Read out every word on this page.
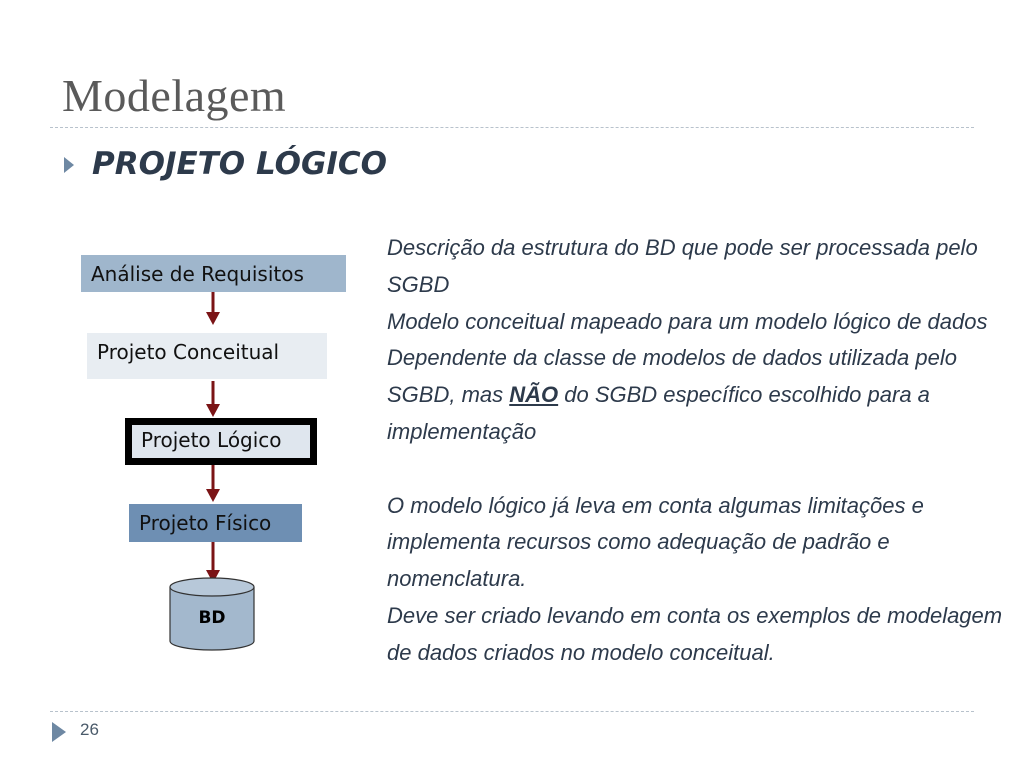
Modelagem
PROJETO LÓGICO
Análise de Requisitos
Projeto Conceitual
Projeto Lógico
Projeto Físico
BD

Descrição da estrutura do BD que pode ser processada pelo SGBD

Modelo conceitual mapeado para um modelo lógico de dados

Dependente da classe de modelos de dados utilizada pelo SGBD, mas NÃO do SGBD específico escolhido para a implementação

O modelo lógico já leva em conta algumas limitações e implementa recursos como adequação de padrão e nomenclatura.

Deve ser criado levando em conta os exemplos de modelagem de dados criados no modelo conceitual.

26
